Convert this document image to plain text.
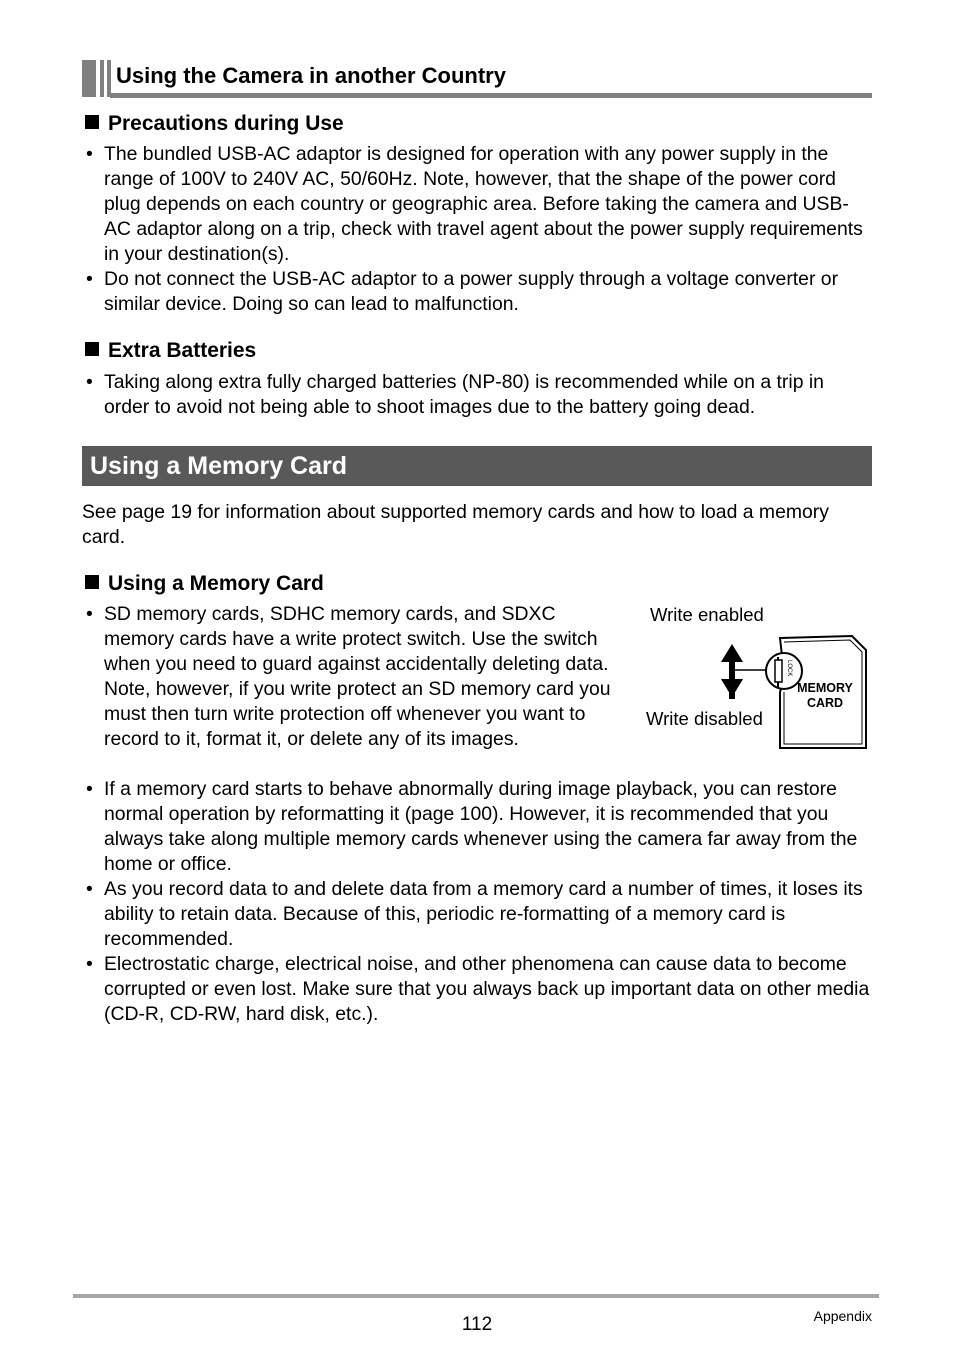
Using the Camera in another Country
Precautions during Use
• The bundled USB-AC adaptor is designed for operation with any power supply in the range of 100V to 240V AC, 50/60Hz. Note, however, that the shape of the power cord plug depends on each country or geographic area. Before taking the camera and USB-AC adaptor along on a trip, check with travel agent about the power supply requirements in your destination(s).
• Do not connect the USB-AC adaptor to a power supply through a voltage converter or similar device. Doing so can lead to malfunction.
Extra Batteries
• Taking along extra fully charged batteries (NP-80) is recommended while on a trip in order to avoid not being able to shoot images due to the battery going dead.
Using a Memory Card
See page 19 for information about supported memory cards and how to load a memory card.
Using a Memory Card
• SD memory cards, SDHC memory cards, and SDXC memory cards have a write protect switch. Use the switch when you need to guard against accidentally deleting data. Note, however, if you write protect an SD memory card you must then turn write protection off whenever you want to record to it, format it, or delete any of its images.
• If a memory card starts to behave abnormally during image playback, you can restore normal operation by reformatting it (page 100). However, it is recommended that you always take along multiple memory cards whenever using the camera far away from the home or office.
• As you record data to and delete data from a memory card a number of times, it loses its ability to retain data. Because of this, periodic re-formatting of a memory card is recommended.
• Electrostatic charge, electrical noise, and other phenomena can cause data to become corrupted or even lost. Make sure that you always back up important data on other media (CD-R, CD-RW, hard disk, etc.).
Write enabled
Write disabled
MEMORY
CARD
LOCK
112	Appendix
